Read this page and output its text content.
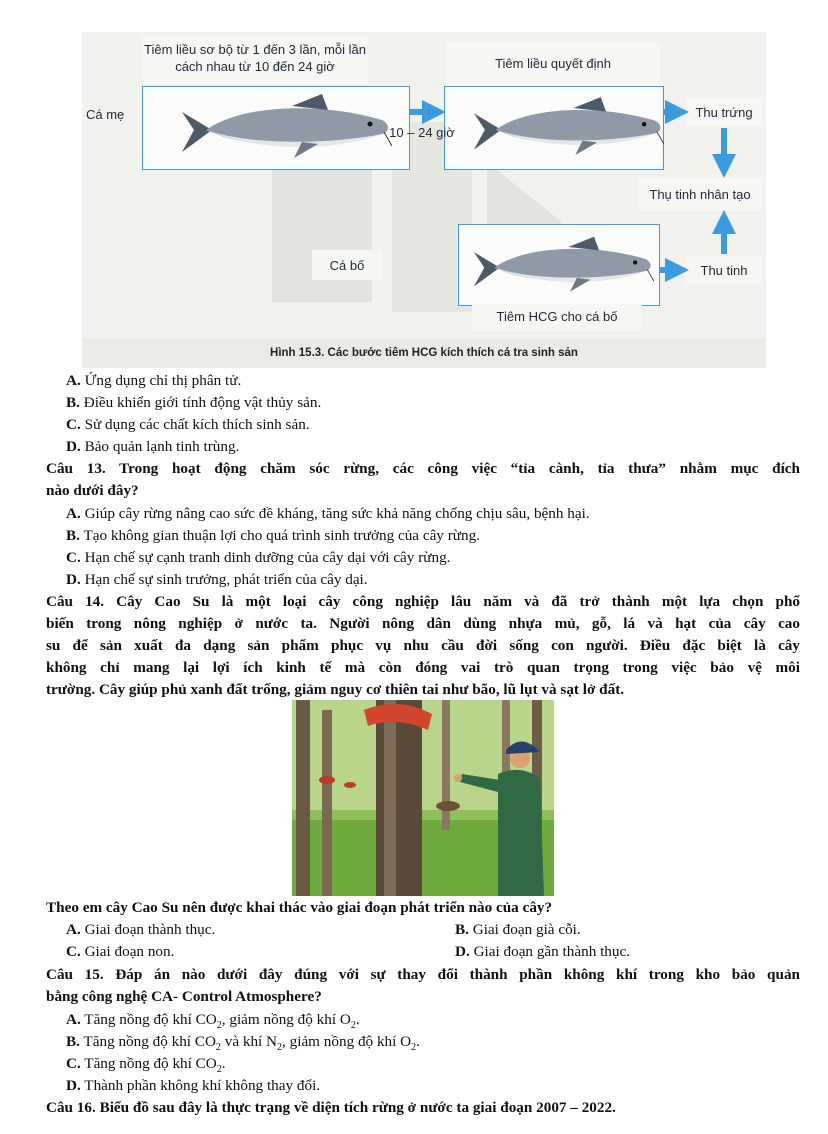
Tiêm liều sơ bộ từ 1 đến 3 lần, mỗi lần
cách nhau từ 10 đến 24 giờ	Tiêm liều quyết định
Cá mẹ
10 – 24 giờ
Thu trứng
Thụ tinh nhân tạo
Thu tinh
Cá bố
Tiêm HCG cho cá bố
Hình 15.3. Các bước tiêm HCG kích thích cá tra sinh sản
A. Ứng dụng chỉ thị phân tử.
B. Điều khiển giới tính động vật thủy sản.
C. Sử dụng các chất kích thích sinh sản.
D. Bảo quản lạnh tinh trùng.
Câu 13. Trong hoạt động chăm sóc rừng, các công việc “tỉa cành, tỉa thưa” nhằm mục đích
nào dưới đây?
A. Giúp cây rừng nâng cao sức đề kháng, tăng sức khả năng chống chịu sâu, bệnh hại.
B. Tạo không gian thuận lợi cho quá trình sinh trưởng của cây rừng.
C. Hạn chế sự cạnh tranh dinh dưỡng của cây dại với cây rừng.
D. Hạn chế sự sinh trưởng, phát triển của cây dại.
Câu 14. Cây Cao Su là một loại cây công nghiệp lâu năm và đã trở thành một lựa chọn phổ
biến trong nông nghiệp ở nước ta. Người nông dân dùng nhựa mủ, gỗ, lá và hạt của cây cao
su để sản xuất đa dạng sản phẩm phục vụ nhu cầu đời sống con người. Điều đặc biệt là cây
không chỉ mang lại lợi ích kinh tế mà còn đóng vai trò quan trọng trong việc bảo vệ môi
trường. Cây giúp phủ xanh đất trống, giảm nguy cơ thiên tai như bão, lũ lụt và sạt lở đất.
Theo em cây Cao Su nên được khai thác vào giai đoạn phát triển nào của cây?
A. Giai đoạn thành thục.	B. Giai đoạn già cỗi.
C. Giai đoạn non.	D. Giai đoạn gần thành thục.
Câu 15. Đáp án nào dưới đây đúng với sự thay đổi thành phần không khí trong kho bảo quản
bằng công nghệ CA- Control Atmosphere?
A. Tăng nồng độ khí $CO_2$, giảm nồng độ khí $O_2$.
B. Tăng nồng độ khí $CO_2$ và khí $N_2$, giảm nồng độ khí $O_2$.
C. Tăng nồng độ khí $CO_2$.
D. Thành phần không khí không thay đổi.
Câu 16. Biểu đồ sau đây là thực trạng về diện tích rừng ở nước ta giai đoạn 2007 – 2022.
